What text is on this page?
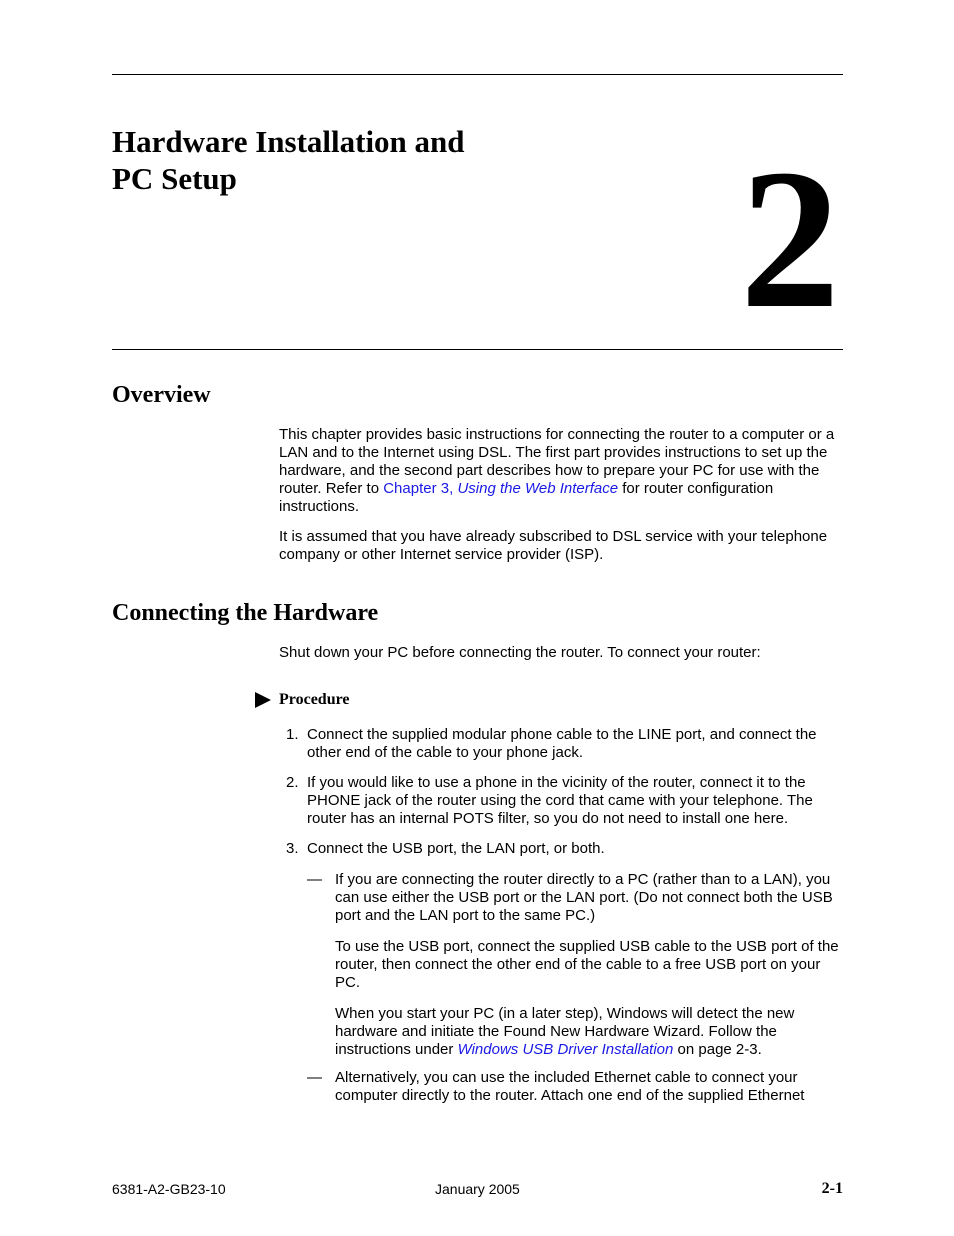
Hardware Installation and
PC Setup	2
Overview

This chapter provides basic instructions for connecting the router to a computer or a LAN and to the Internet using DSL. The first part provides instructions to set up the hardware, and the second part describes how to prepare your PC for use with the router. Refer to Chapter 3, Using the Web Interface for router configuration instructions.

It is assumed that you have already subscribed to DSL service with your telephone company or other Internet service provider (ISP).

Connecting the Hardware

Shut down your PC before connecting the router. To connect your router:

Procedure
1. Connect the supplied modular phone cable to the LINE port, and connect the other end of the cable to your phone jack.
2. If you would like to use a phone in the vicinity of the router, connect it to the PHONE jack of the router using the cord that came with your telephone. The router has an internal POTS filter, so you do not need to install one here.
3. Connect the USB port, the LAN port, or both.
— If you are connecting the router directly to a PC (rather than to a LAN), you can use either the USB port or the LAN port. (Do not connect both the USB port and the LAN port to the same PC.)

To use the USB port, connect the supplied USB cable to the USB port of the router, then connect the other end of the cable to a free USB port on your PC.

When you start your PC (in a later step), Windows will detect the new hardware and initiate the Found New Hardware Wizard. Follow the instructions under Windows USB Driver Installation on page 2-3.

— Alternatively, you can use the included Ethernet cable to connect your computer directly to the router. Attach one end of the supplied Ethernet

6381-A2-GB23-10	January 2005	2-1
